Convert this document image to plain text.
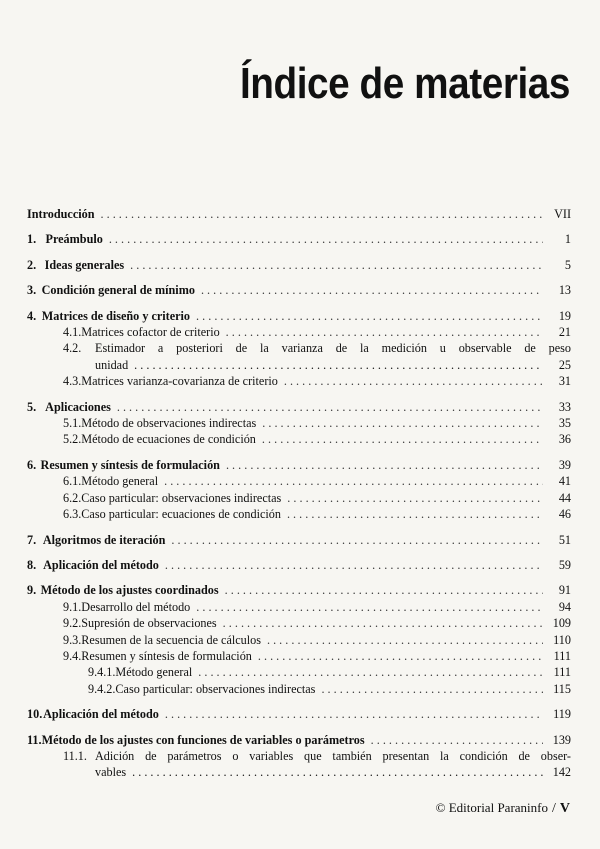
Índice de materias
Introducción . . .	VII
1. Preámbulo . . .	1
2. Ideas generales . . .	5
3. Condición general de mínimo . . .	13
4. Matrices de diseño y criterio . . .	19
4.1. Matrices cofactor de criterio . . .	21
4.2.	Estimador a posteriori de la varianza de la medición u observable de peso
unidad . . .	25
4.3. Matrices varianza-covarianza de criterio . . .	31
5. Aplicaciones . . .	33
5.1. Método de observaciones indirectas . . .	35
5.2. Método de ecuaciones de condición . . .	36
6. Resumen y síntesis de formulación . . .	39
6.1. Método general . . .	41
6.2. Caso particular: observaciones indirectas . . .	44
6.3. Caso particular: ecuaciones de condición . . .	46
7. Algoritmos de iteración . . .	51
8. Aplicación del método . . .	59
9. Método de los ajustes coordinados . . .	91
9.1. Desarrollo del método . . .	94
9.2. Supresión de observaciones . . .	109
9.3. Resumen de la secuencia de cálculos . . .	110
9.4. Resumen y síntesis de formulación . . .	111
9.4.1. Método general . . .	111
9.4.2. Caso particular: observaciones indirectas . . .	115
10. Aplicación del método . . .	119
11. Método de los ajustes con funciones de variables o parámetros . . .	139
11.1. Adición de parámetros o variables que también presentan la condición de obser-
vables . . .	142
© Editorial Paraninfo / V
